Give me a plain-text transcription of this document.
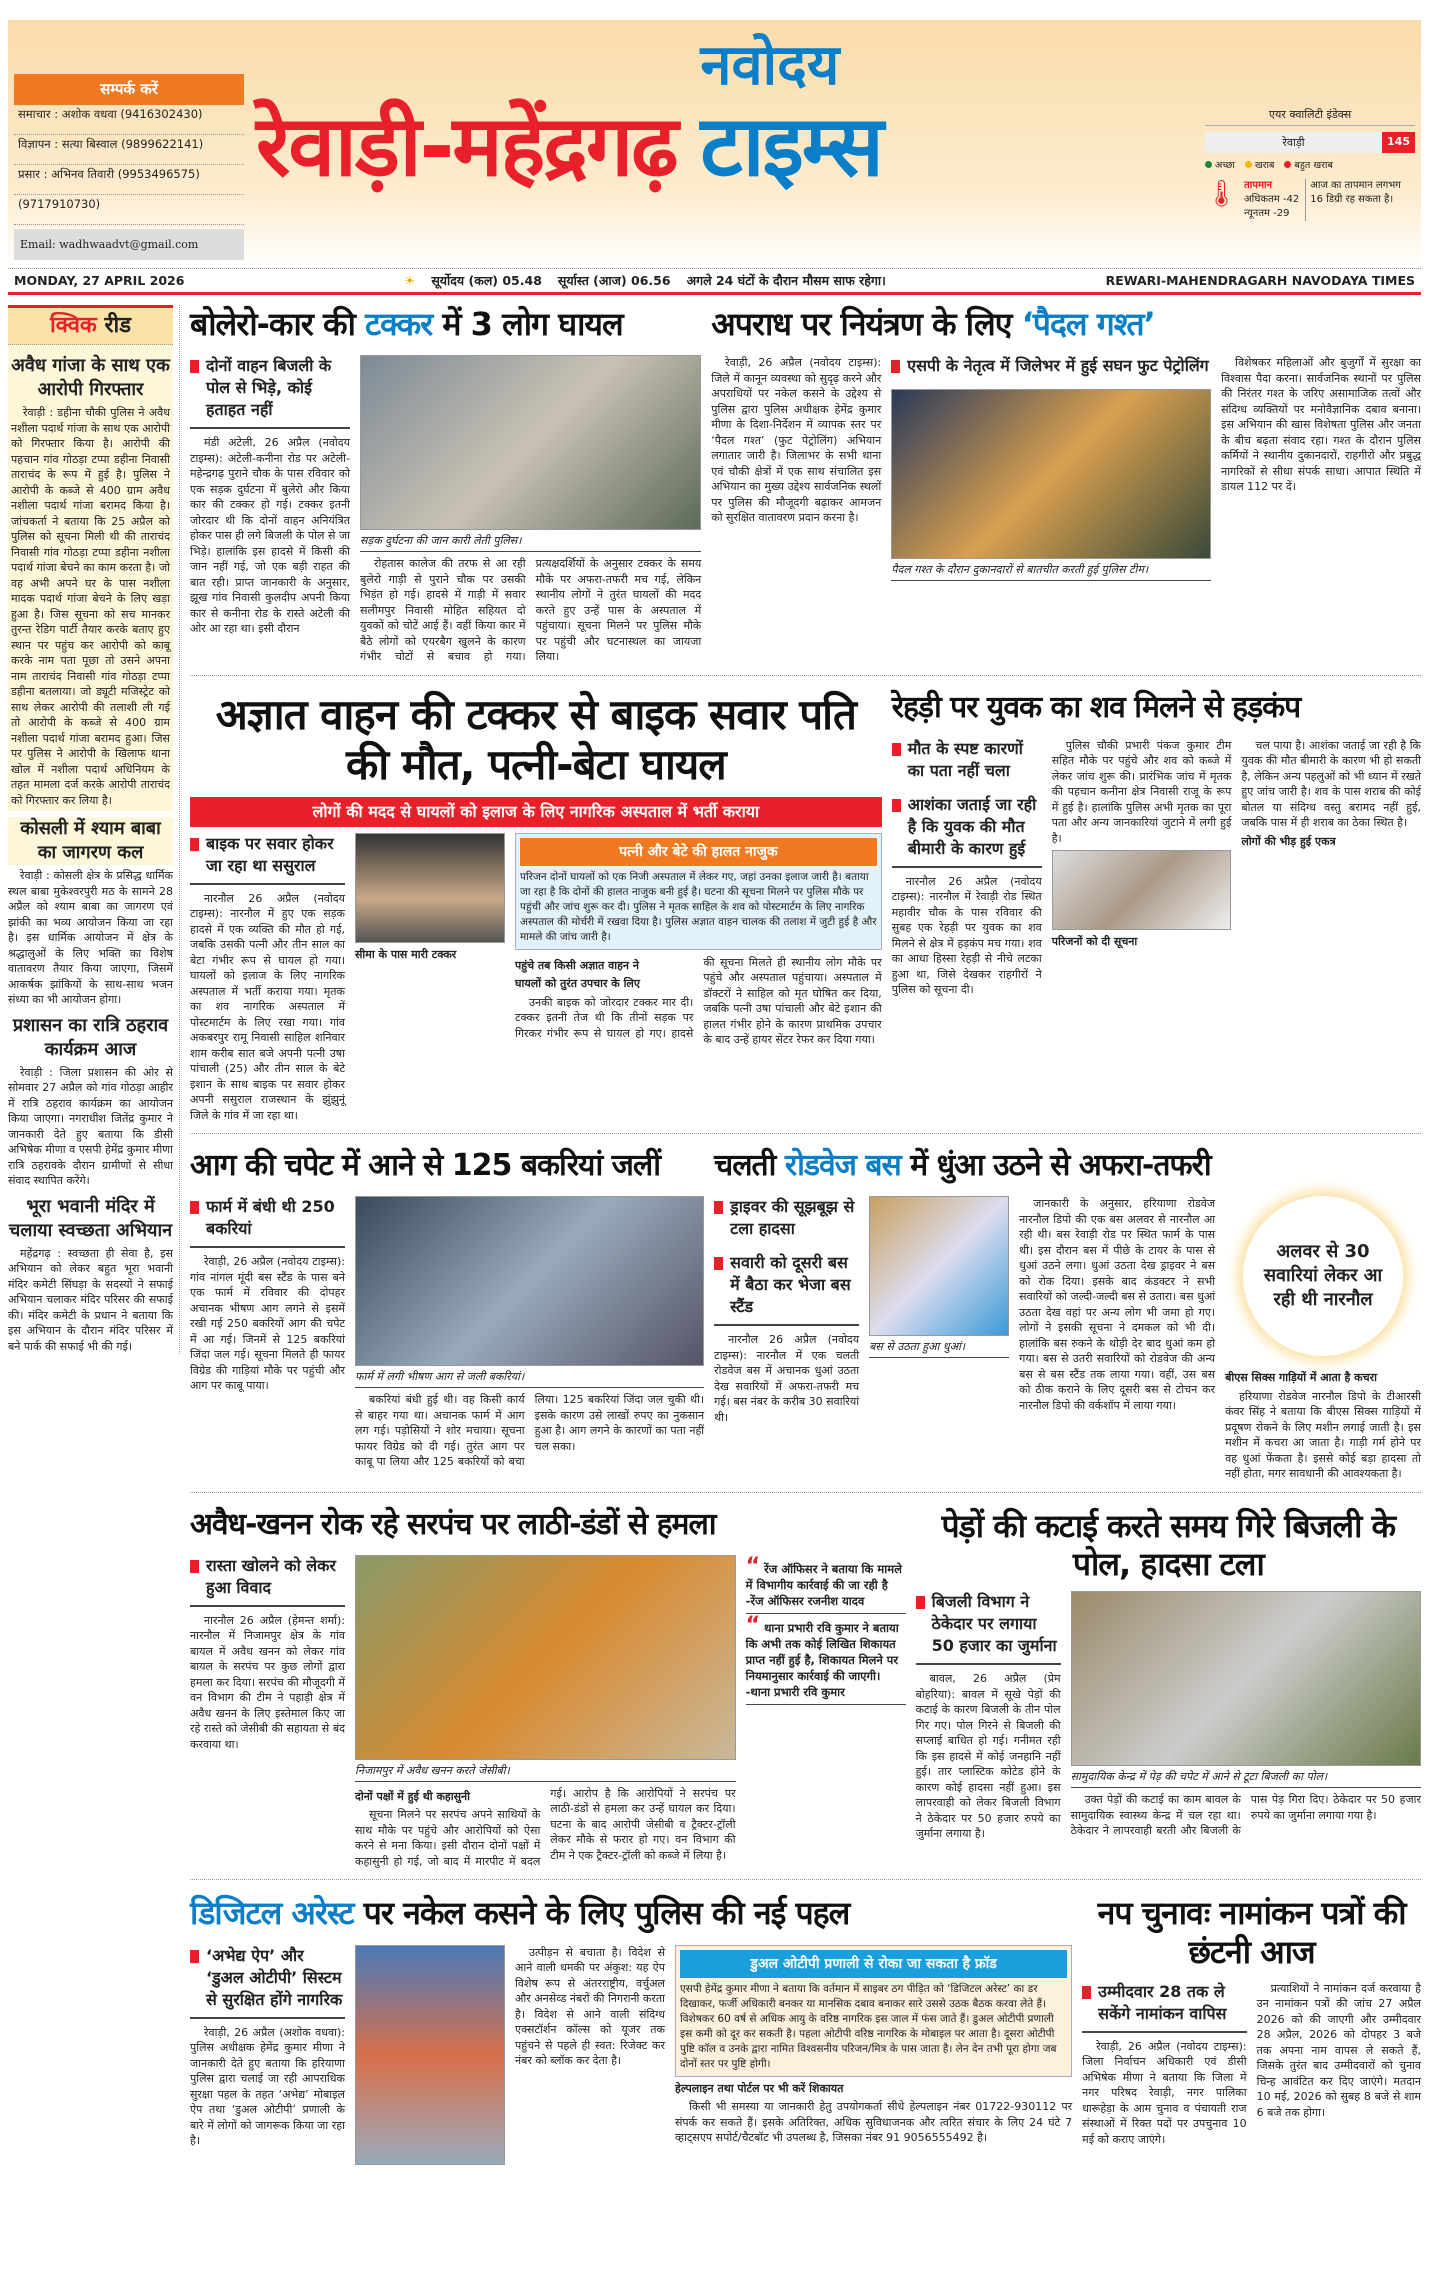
सम्पर्क करें
समाचार : अशोक वधवा (9416302430)
विज्ञापन : सत्या बिस्वाल (9899622141)
प्रसार : अभिनव तिवारी (9953496575)
(9717910730)
Email: wadhwaadvt@gmail.com
रेवाड़ी-महेंद्रगढ़
नवोदय
टाइम्स	एयर क्वालिटी इंडेक्स
रेवाड़ी	145
अच्छा	खराब	बहुत खराब
🌡 तापमान
अधिकतम -42
न्यूनतम -29
आज का तापमान लगभग 16 डिग्री रह सकता है।
MONDAY, 27 APRIL 2026	☀ सूर्योदय (कल) 05.48 सूर्यास्त (आज) 06.56 अगले 24 घंटों के दौरान मौसम साफ रहेगा।	REWARI-MAHENDRAGARH NAVODAYA TIMES
क्विक रीड
अवैध गांजा के साथ एक आरोपी गिरफ्तार

रेवाड़ी : डहीना चौकी पुलिस ने अवैध नशीला पदार्थ गांजा के साथ एक आरोपी को गिरफ्तार किया है। आरोपी की पहचान गांव गोठड़ा टप्पा डहीना निवासी ताराचंद के रूप में हुई है। पुलिस ने आरोपी के कब्जे से 400 ग्राम अवैध नशीला पदार्थ गांजा बरामद किया है। जांचकर्ता ने बताया कि 25 अप्रैल को पुलिस को सूचना मिली थी की ताराचंद निवासी गांव गोठड़ा टप्पा डहीना नशीला पदार्थ गांजा बेचने का काम करता है। जो वह अभी अपने घर के पास नशीला मादक पदार्थ गांजा बेचने के लिए खड़ा हुआ है। जिस सूचना को सच मानकर तुरन्त रेडिग पार्टी तैयार करके बताए हुए स्थान पर पहुंच कर आरोपी को काबू करके नाम पता पूछा तो उसने अपना नाम ताराचंद निवासी गांव गोठड़ा टप्पा डहीना बतलाया। जो ड्यूटी मजिस्ट्रेट को साथ लेकर आरोपी की तलाशी ली गई तो आरोपी के कब्जे से 400 ग्राम नशीला पदार्थ गांजा बरामद हुआ। जिस पर पुलिस ने आरोपी के खिलाफ थाना खोल में नशीला पदार्थ अधिनियम के तहत मामला दर्ज करके आरोपी ताराचंद को गिरफ्तार कर लिया है।

कोसली में श्याम बाबा का जागरण कल

रेवाड़ी : कोसली क्षेत्र के प्रसिद्ध धार्मिक स्थल बाबा मुकेश्वरपुरी मठ के सामने 28 अप्रैल को श्याम बाबा का जागरण एवं झांकी का भव्य आयोजन किया जा रहा है। इस धार्मिक आयोजन में क्षेत्र के श्रद्धालुओं के लिए भक्ति का विशेष वातावरण तैयार किया जाएगा, जिसमें आकर्षक झांकियों के साथ-साथ भजन संध्या का भी आयोजन होगा।

प्रशासन का रात्रि ठहराव कार्यक्रम आज

रेवाड़ी : जिला प्रशासन की ओर से सोमवार 27 अप्रैल को गांव गोठड़ा आहीर में रात्रि ठहराव कार्यक्रम का आयोजन किया जाएगा। नगराधीश जितेंद्र कुमार ने जानकारी देते हुए बताया कि डीसी अभिषेक मीणा व एसपी हेमेंद्र कुमार मीणा रात्रि ठहरावके दौरान ग्रामीणों से सीधा संवाद स्थापित करेंगे।

भूरा भवानी मंदिर में चलाया स्वच्छता अभियान

महेंद्रगढ़ : स्वच्छता ही सेवा है, इस अभियान को लेकर बहुत भूरा भवानी मंदिर कमेटी सिंघड़ा के सदस्यों ने सफाई अभियान चलाकर मंदिर परिसर की सफाई की। मंदिर कमेटी के प्रधान ने बताया कि इस अभियान के दौरान मंदिर परिसर में बने पार्क की सफाई भी की गई।

बोलेरो-कार की टक्कर में 3 लोग घायल
दोनों वाहन बिजली के पोल से भिड़े, कोई हताहत नहीं

मंडी अटेली, 26 अप्रैल (नवोदय टाइम्स): अटेली-कनीना रोड पर अटेली-महेन्द्रगढ़ पुराने चौक के पास रविवार को एक सड़क दुर्घटना में बुलेरो और किया कार की टक्कर हो गई। टक्कर इतनी जोरदार थी कि दोनों वाहन अनियंत्रित होकर पास ही लगे बिजली के पोल से जा भिड़े। हालांकि इस हादसे में किसी की जान नहीं गई, जो एक बड़ी राहत की बात रही। प्राप्त जानकारी के अनुसार, झूख गांव निवासी कुलदीप अपनी किया कार से कनीना रोड के रास्ते अटेली की ओर आ रहा था। इसी दौरान

सड़क दुर्घटना की जान कारी लेती पुलिस।

रोहतास कालेज की तरफ से आ रही बुलेरो गाड़ी से पुराने चौक पर उसकी भिड़ंत हो गई। हादसे में गाड़ी में सवार सलीमपुर निवासी मोहित सहियत दो युवकों को चोटें आई हैं। वहीं किया कार में बैठे लोगों को एयरबैग खुलने के कारण गंभीर चोटों से बचाव हो गया। प्रत्यक्षदर्शियों के अनुसार टक्कर के समय मौके पर अफरा-तफरी मच गई, लेकिन स्थानीय लोगों ने तुरंत घायलों की मदद करते हुए उन्हें पास के अस्पताल में पहुंचाया। सूचना मिलने पर पुलिस मौके पर पहुंची और घटनास्थल का जायजा लिया।

अपराध पर नियंत्रण के लिए ‘पैदल गश्त’

रेवाड़ी, 26 अप्रैल (नवोदय टाइम्स): जिले में कानून व्यवस्था को सुदृढ़ करने और अपराधियों पर नकेल कसने के उद्देश्य से पुलिस द्वारा पुलिस अधीक्षक हेमेंद्र कुमार मीणा के दिशा-निर्देशन में व्यापक स्तर पर ‘पैदल गश्त’ (फुट पेट्रोलिंग) अभियान लगातार जारी है। जिलाभर के सभी थाना एवं चौकी क्षेत्रों में एक साथ संचालित इस अभियान का मुख्य उद्देश्य सार्वजनिक स्थलों पर पुलिस की मौजूदगी बढ़ाकर आमजन को सुरक्षित वातावरण प्रदान करना है।

एसपी के नेतृत्व में जिलेभर में हुई सघन फुट पेट्रोलिंग
पैदल गश्त के दौरान दुकानदारों से बातचीत करती हुई पुलिस टीम।

विशेषकर महिलाओं और बुजुर्गों में सुरक्षा का विश्वास पैदा करना। सार्वजनिक स्थानों पर पुलिस की निरंतर गश्त के जरिए असामाजिक तत्वों और संदिग्ध व्यक्तियों पर मनोवैज्ञानिक दबाव बनाना। इस अभियान की खास विशेषता पुलिस और जनता के बीच बढ़ता संवाद रहा। गश्त के दौरान पुलिस कर्मियों ने स्थानीय दुकानदारों, राहगीरों और प्रबुद्ध नागरिकों से सीधा संपर्क साधा। आपात स्थिति में डायल 112 पर दें।

अज्ञात वाहन की टक्कर से बाइक सवार पति की मौत, पत्नी-बेटा घायल
लोगों की मदद से घायलों को इलाज के लिए नागरिक अस्पताल में भर्ती कराया
बाइक पर सवार होकर जा रहा था ससुराल

नारनौल 26 अप्रैल (नवोदय टाइम्स): नारनौल में हुए एक सड़क हादसे में एक व्यक्ति की मौत हो गई, जबकि उसकी पत्नी और तीन साल का बेटा गंभीर रूप से घायल हो गया। घायलों को इलाज के लिए नागरिक अस्पताल में भर्ती कराया गया। मृतक का शव नागरिक अस्पताल में पोस्टमार्टम के लिए रखा गया। गांव अकबरपुर रामू निवासी साहिल शनिवार शाम करीब सात बजे अपनी पत्नी उषा पांचाली (25) और तीन साल के बेटे इशान के साथ बाइक पर सवार होकर अपनी ससुराल राजस्थान के झुंझुनूं जिले के गांव में जा रहा था।

सीमा के पास मारी टक्कर
पत्नी और बेटे की हालत नाजुक

परिजन दोनों घायलों को एक निजी अस्पताल में लेकर गए, जहां उनका इलाज जारी है। बताया जा रहा है कि दोनों की हालत नाजुक बनी हुई है। घटना की सूचना मिलने पर पुलिस मौके पर पहुंची और जांच शुरू कर दी। पुलिस ने मृतक साहिल के शव को पोस्टमार्टम के लिए नागरिक अस्पताल की मोर्चरी में रखवा दिया है। पुलिस अज्ञात वाहन चालक की तलाश में जुटी हुई है और मामले की जांच जारी है।

पहुंचे तब किसी अज्ञात वाहन ने
घायलों को तुरंत उपचार के लिए

उनकी बाइक को जोरदार टक्कर मार दी। टक्कर इतनी तेज थी कि तीनों सड़क पर गिरकर गंभीर रूप से घायल हो गए। हादसे की सूचना मिलते ही स्थानीय लोग मौके पर पहुंचे और अस्पताल पहुंचाया। अस्पताल में डॉक्टरों ने साहिल को मृत घोषित कर दिया, जबकि पत्नी उषा पांचाली और बेटे इशान की हालत गंभीर होने के कारण प्राथमिक उपचार के बाद उन्हें हायर सेंटर रेफर कर दिया गया।

रेहड़ी पर युवक का शव मिलने से हड़कंप
मौत के स्पष्ट कारणों का पता नहीं चला
आशंका जताई जा रही है कि युवक की मौत बीमारी के कारण हुई

नारनौल 26 अप्रैल (नवोदय टाइम्स): नारनौल में रेवाड़ी रोड स्थित महावीर चौक के पास रविवार की सुबह एक रेहड़ी पर युवक का शव मिलने से क्षेत्र में हड़कंप मच गया। शव का आधा हिस्सा रेहड़ी से नीचे लटका हुआ था, जिसे देखकर राहगीरों ने पुलिस को सूचना दी।

पुलिस चौकी प्रभारी पंकज कुमार टीम सहित मौके पर पहुंचे और शव को कब्जे में लेकर जांच शुरू की। प्रारंभिक जांच में मृतक की पहचान कनीना क्षेत्र निवासी राजू के रूप में हुई है। हालांकि पुलिस अभी मृतक का पूरा पता और अन्य जानकारियां जुटाने में लगी हुई है।

परिजनों को दी सूचना

चल पाया है। आशंका जताई जा रही है कि युवक की मौत बीमारी के कारण भी हो सकती है, लेकिन अन्य पहलुओं को भी ध्यान में रखते हुए जांच जारी है। शव के पास शराब की कोई बोतल या संदिग्ध वस्तु बरामद नहीं हुई, जबकि पास में ही शराब का ठेका स्थित है।

लोगों की भीड़ हुई एकत्र
आग की चपेट में आने से 125 बकरियां जलीं
फार्म में बंधी थी 250 बकरियां

रेवाड़ी, 26 अप्रैल (नवोदय टाइम्स): गांव नांगल मूंदी बस स्टैंड के पास बने एक फार्म में रविवार की दोपहर अचानक भीषण आग लगने से इसमें रखी गई 250 बकरियों आग की चपेट में आ गई। जिनमें से 125 बकरियां जिंदा जल गई। सूचना मिलते ही फायर विग्रेड की गाड़ियां मौके पर पहुंची और आग पर काबू पाया।

फार्म में लगी भीषण आग से जली बकरियां।

बकरियां बंधी हुई थी। वह किसी कार्य से बाहर गया था। अचानक फार्म में आग लग गई। पड़ोसियों ने शोर मचाया। सूचना फायर विग्रेड को दी गई। तुरंत आग पर काबू पा लिया और 125 बकरियों को बचा लिया। 125 बकरियां जिंदा जल चुकी थी। इसके कारण उसे लाखों रुपए का नुकसान हुआ है। आग लगने के कारणों का पता नहीं चल सका।

चलती रोडवेज बस में धुंआ उठने से अफरा-तफरी
ड्राइवर की सूझबूझ से टला हादसा
सवारी को दूसरी बस में बैठा कर भेजा बस स्टैंड

नारनौल 26 अप्रैल (नवोदय टाइम्स): नारनौल में एक चलती रोडवेज बस में अचानक धुआं उठता देख सवारियों में अफरा-तफरी मच गई। बस नंबर के करीब 30 सवारियां थी।

बस से उठता हुआ धुआं।

जानकारी के अनुसार, हरियाणा रोडवेज नारनौल डिपो की एक बस अलवर से नारनौल आ रही थी। बस रेवाड़ी रोड पर स्थित फार्म के पास थी। इस दौरान बस में पीछे के टायर के पास से धुआं उठने लगा। धुआं उठता देख ड्राइवर ने बस को रोक दिया। इसके बाद कंडक्टर ने सभी सवारियों को जल्दी-जल्दी बस से उतारा। बस धुआं उठता देख वहां पर अन्य लोग भी जमा हो गए। लोगों ने इसकी सूचना ने दमकल को भी दी। हालांकि बस रुकने के थोड़ी देर बाद धुआं कम हो गया। बस से उतरी सवारियों को रोडवेज की अन्य बस से बस स्टैंड तक लाया गया। वहीं, उस बस को ठीक कराने के लिए दूसरी बस से टोचन कर नारनौल डिपो की वर्कशॉप में लाया गया।

अलवर से 30 सवारियां लेकर आ रही थी नारनौल
बीएस सिक्स गाड़ियों में आता है कचरा

हरियाणा रोडवेज नारनौल डिपो के टीआरसी कंवर सिंह ने बताया कि बीएस सिक्स गाड़ियों में प्रदूषण रोकने के लिए मशीन लगाई जाती है। इस मशीन में कचरा आ जाता है। गाड़ी गर्म होने पर वह धुआं फेंकता है। इससे कोई बड़ा हादसा तो नहीं होता, मगर सावधानी की आवश्यकता है।

अवैध-खनन रोक रहे सरपंच पर लाठी-डंडों से हमला
रास्ता खोलने को लेकर हुआ विवाद

नारनौल 26 अप्रैल (हेमन्त शर्मा): नारनौल में निजामपुर क्षेत्र के गांव बायल में अवैध खनन को लेकर गांव बायल के सरपंच पर कुछ लोगों द्वारा हमला कर दिया। सरपंच की मौजूदगी में वन विभाग की टीम ने पहाड़ी क्षेत्र में अवैध खनन के लिए इस्तेमाल किए जा रहे रास्ते को जेसीबी की सहायता से बंद करवाया था।

निजामपुर में अवैध खनन करते जेसीबी।
दोनों पक्षों में हुई थी कहासुनी

सूचना मिलने पर सरपंच अपने साथियों के साथ मौके पर पहुंचे और आरोपियों को ऐसा करने से मना किया। इसी दौरान दोनों पक्षों में कहासुनी हो गई, जो बाद में मारपीट में बदल गई। आरोप है कि आरोपियों ने सरपंच पर लाठी-डंडों से हमला कर उन्हें घायल कर दिया। घटना के बाद आरोपी जेसीबी व ट्रैक्टर-ट्रॉली लेकर मौके से फरार हो गए। वन विभाग की टीम ने एक ट्रैक्टर-ट्रॉली को कब्जे में लिया है।

“ रेंज ऑफिसर ने बताया कि मामले में विभागीय कार्रवाई की जा रही है
-रेंज ऑफिसर रजनीश यादव
“ थाना प्रभारी रवि कुमार ने बताया कि अभी तक कोई लिखित शिकायत प्राप्त नहीं हुई है, शिकायत मिलने पर नियमानुसार कार्रवाई की जाएगी।
-थाना प्रभारी रवि कुमार
पेड़ों की कटाई करते समय गिरे बिजली के पोल, हादसा टला
बिजली विभाग ने ठेकेदार पर लगाया 50 हजार का जुर्माना

बावल, 26 अप्रैल (प्रेम बोहरिया): बावल में सूखे पेड़ों की कटाई के कारण बिजली के तीन पोल गिर गए। पोल गिरने से बिजली की सप्लाई बाधित हो गई। गनीमत रही कि इस हादसे में कोई जनहानि नहीं हुई। तार प्लास्टिक कोटेड होने के कारण कोई हादसा नहीं हुआ। इस लापरवाही को लेकर बिजली विभाग ने ठेकेदार पर 50 हजार रुपये का जुर्माना लगाया है।

सामुदायिक केन्द्र में पेड़ की चपेट में आने से टूटा बिजली का पोल।

उक्त पेड़ों की कटाई का काम बावल के सामुदायिक स्वास्थ्य केन्द्र में चल रहा था। ठेकेदार ने लापरवाही बरती और बिजली के पास पेड़ गिरा दिए। ठेकेदार पर 50 हजार रुपये का जुर्माना लगाया गया है।

डिजिटल अरेस्ट पर नकेल कसने के लिए पुलिस की नई पहल
‘अभेद्य ऐप’ और ‘डुअल ओटीपी’ सिस्टम से सुरक्षित होंगे नागरिक

रेवाड़ी, 26 अप्रैल (अशोक वधवा): पुलिस अधीक्षक हेमेंद्र कुमार मीणा ने जानकारी देते हुए बताया कि हरियाणा पुलिस द्वारा चलाई जा रही आपराधिक सुरक्षा पहल के तहत ‘अभेद्य’ मोबाइल ऐप तथा ‘डुअल ओटीपी’ प्रणाली के बारे में लोगों को जागरूक किया जा रहा है।

उत्पीड़न से बचाता है। विदेश से आने वाली धमकी पर अंकुश: यह ऐप विशेष रूप से अंतरराष्ट्रीय, वर्चुअल और अनसेव्ड नंबरों की निगरानी करता है। विदेश से आने वाली संदिग्ध एक्सटॉर्शन कॉल्स को यूजर तक पहुंचने से पहले ही स्वत: रिजेक्ट कर नंबर को ब्लॉक कर देता है।

डुअल ओटीपी प्रणाली से रोका जा सकता है फ्रॉड

एसपी हेमेंद्र कुमार मीणा ने बताया कि वर्तमान में साइबर ठग पीड़ित को ‘डिजिटल अरेस्ट’ का डर दिखाकर, फर्जी अधिकारी बनकर या मानसिक दबाव बनाकर सारे उससे उठक बैठक करवा लेते हैं। विशेषकर 60 वर्ष से अधिक आयु के वरिष्ठ नागरिक इस जाल में फंस जाते हैं। डुअल ओटीपी प्रणाली इस कमी को दूर कर सकती है। पहला ओटीपी वरिष्ठ नागरिक के मोबाइल पर आता है। दूसरा ओटीपी पुष्टि कॉल व उनके द्वारा नामित विश्वसनीय परिजन/मित्र के पास जाता है। लेन देन तभी पूरा होगा जब दोनों स्तर पर पुष्टि होगी।

हेल्पलाइन तथा पोर्टल पर भी करें शिकायत

किसी भी समस्या या जानकारी हेतु उपयोगकर्ता सीधे हेल्पलाइन नंबर 01722-930112 पर संपर्क कर सकते हैं। इसके अतिरिक्त, अधिक सुविधाजनक और त्वरित संचार के लिए 24 घंटे 7 व्हाट्सएप सपोर्ट/चैटबॉट भी उपलब्ध है, जिसका नंबर 91 9056555492 है।

नप चुनावः नामांकन पत्रों की छंटनी आज
उम्मीदवार 28 तक ले सकेंगे नामांकन वापिस

रेवाड़ी, 26 अप्रैल (नवोदय टाइम्स): जिला निर्वाचन अधिकारी एवं डीसी अभिषेक मीणा ने बताया कि जिला में नगर परिषद रेवाड़ी, नगर पालिका धारूहेड़ा के आम चुनाव व पंचायती राज संस्थाओं में रिक्त पदों पर उपचुनाव 10 मई को कराए जाएंगे।

प्रत्याशियों ने नामांकन दर्ज करवाया है उन नामांकन पत्रों की जांच 27 अप्रैल 2026 को की जाएगी और उम्मीदवार 28 अप्रैल, 2026 को दोपहर 3 बजे तक अपना नाम वापस ले सकते हैं, जिसके तुरंत बाद उम्मीदवारों को चुनाव चिन्ह आवंटित कर दिए जाएंगे। मतदान 10 मई, 2026 को सुबह 8 बजे से शाम 6 बजे तक होगा।
